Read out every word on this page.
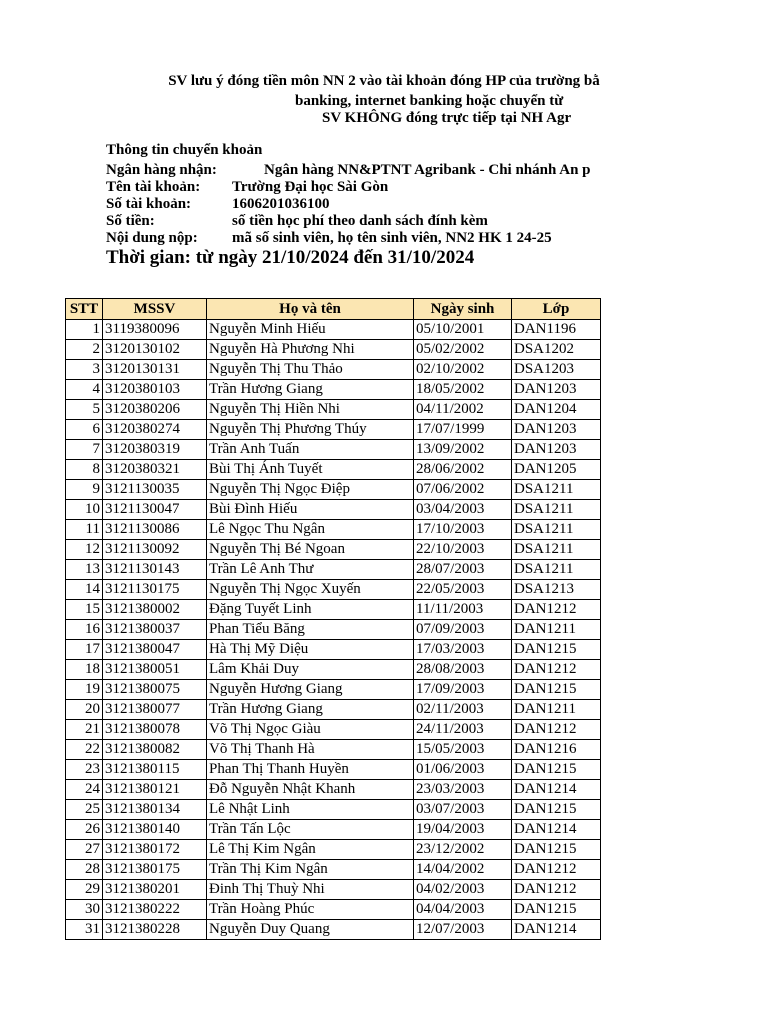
SV lưu ý đóng tiền môn NN 2 vào tài khoản đóng HP của trường bằ
banking, internet banking hoặc chuyển từ
SV KHÔNG đóng trực tiếp tại NH Agr
Thông tin chuyển khoản
Ngân hàng nhận:	Ngân hàng NN&PTNT Agribank - Chi nhánh An p
Tên tài khoản: Trường Đại học Sài Gòn
Số tài khoản:	1606201036100
Số tiền:	số tiền học phí theo danh sách đính kèm
Nội dung nộp: mã số sinh viên, họ tên sinh viên, NN2 HK 1 24-25
Thời gian: từ ngày 21/10/2024 đến 31/10/2024
STT	MSSV	Họ và tên	Ngày sinh	Lớp
1	3119380096	Nguyễn Minh Hiếu	05/10/2001	DAN1196
2	3120130102	Nguyễn Hà Phương Nhi	05/02/2002	DSA1202
3	3120130131	Nguyễn Thị Thu Thảo	02/10/2002	DSA1203
4	3120380103	Trần Hương Giang	18/05/2002	DAN1203
5	3120380206	Nguyễn Thị Hiền Nhi	04/11/2002	DAN1204
6	3120380274	Nguyễn Thị Phương Thúy	17/07/1999	DAN1203
7	3120380319	Trần Anh Tuấn	13/09/2002	DAN1203
8	3120380321	Bùi Thị Ánh Tuyết	28/06/2002	DAN1205
9	3121130035	Nguyễn Thị Ngọc Điệp	07/06/2002	DSA1211
10	3121130047	Bùi Đình Hiếu	03/04/2003	DSA1211
11	3121130086	Lê Ngọc Thu Ngân	17/10/2003	DSA1211
12	3121130092	Nguyễn Thị Bé Ngoan	22/10/2003	DSA1211
13	3121130143	Trần Lê Anh Thư	28/07/2003	DSA1211
14	3121130175	Nguyễn Thị Ngọc Xuyến	22/05/2003	DSA1213
15	3121380002	Đặng Tuyết Linh	11/11/2003	DAN1212
16	3121380037	Phan Tiểu Băng	07/09/2003	DAN1211
17	3121380047	Hà Thị Mỹ Diệu	17/03/2003	DAN1215
18	3121380051	Lâm Khải Duy	28/08/2003	DAN1212
19	3121380075	Nguyễn Hương Giang	17/09/2003	DAN1215
20	3121380077	Trần Hương Giang	02/11/2003	DAN1211
21	3121380078	Võ Thị Ngọc Giàu	24/11/2003	DAN1212
22	3121380082	Võ Thị Thanh Hà	15/05/2003	DAN1216
23	3121380115	Phan Thị Thanh Huyền	01/06/2003	DAN1215
24	3121380121	Đỗ Nguyễn Nhật Khanh	23/03/2003	DAN1214
25	3121380134	Lê Nhật Linh	03/07/2003	DAN1215
26	3121380140	Trần Tấn Lộc	19/04/2003	DAN1214
27	3121380172	Lê Thị Kim Ngân	23/12/2002	DAN1215
28	3121380175	Trần Thị Kim Ngân	14/04/2002	DAN1212
29	3121380201	Đinh Thị Thuỳ Nhi	04/02/2003	DAN1212
30	3121380222	Trần Hoàng Phúc	04/04/2003	DAN1215
31	3121380228	Nguyễn Duy Quang	12/07/2003	DAN1214
